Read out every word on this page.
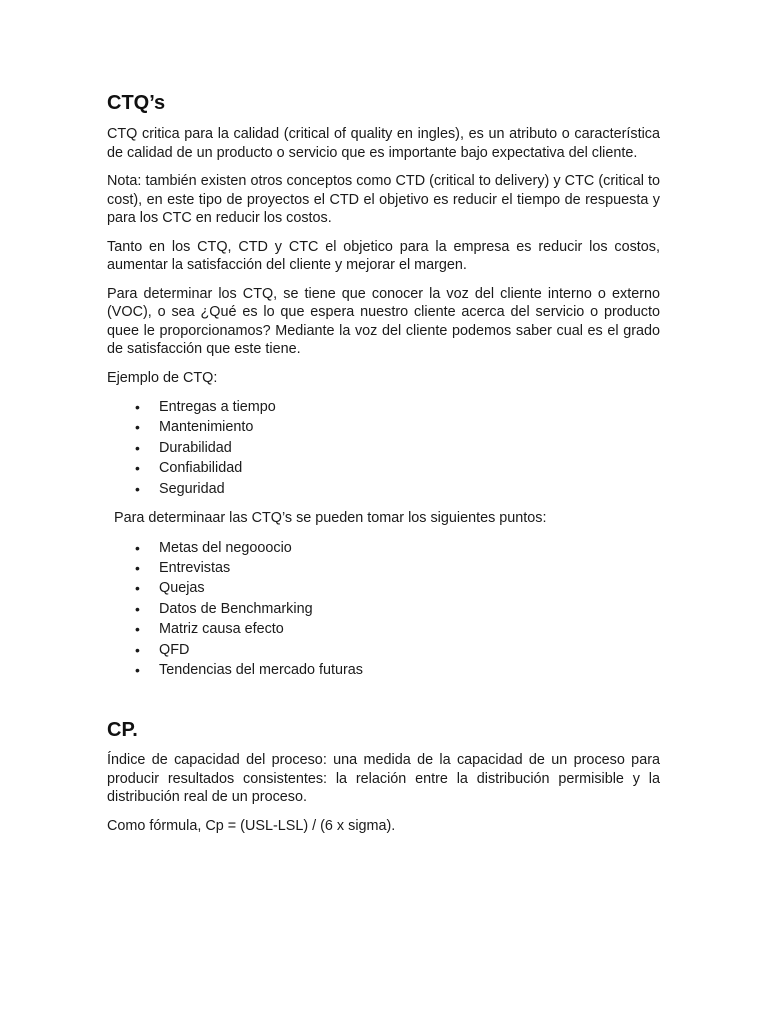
CTQ’s

CTQ critica para la calidad (critical of quality en ingles), es un atributo o característica de calidad de un producto o servicio que es importante bajo expectativa del cliente.

Nota: también existen otros conceptos como CTD (critical to delivery) y CTC (critical to cost), en este tipo de proyectos el CTD el objetivo es reducir el tiempo de respuesta y para los CTC en reducir los costos.

Tanto en los CTQ, CTD y CTC el objetico para la empresa es reducir los costos, aumentar la satisfacción del cliente y mejorar el margen.

Para determinar los CTQ, se tiene que conocer la voz del cliente interno o externo (VOC), o sea ¿Qué es lo que espera nuestro cliente acerca del servicio o producto quee le proporcionamos? Mediante la voz del cliente podemos saber cual es el grado de satisfacción que este tiene.

Ejemplo de CTQ:

• Entregas a tiempo
• Mantenimiento
• Durabilidad
• Confiabilidad
• Seguridad

Para determinaar las CTQ’s se pueden tomar los siguientes puntos:

• Metas del negooocio
• Entrevistas
• Quejas
• Datos de Benchmarking
• Matriz causa efecto
• QFD
• Tendencias del mercado futuras
CP.

Índice de capacidad del proceso: una medida de la capacidad de un proceso para producir resultados consistentes: la relación entre la distribución permisible y la distribución real de un proceso.

Como fórmula, Cp = (USL-LSL) / (6 x sigma).
